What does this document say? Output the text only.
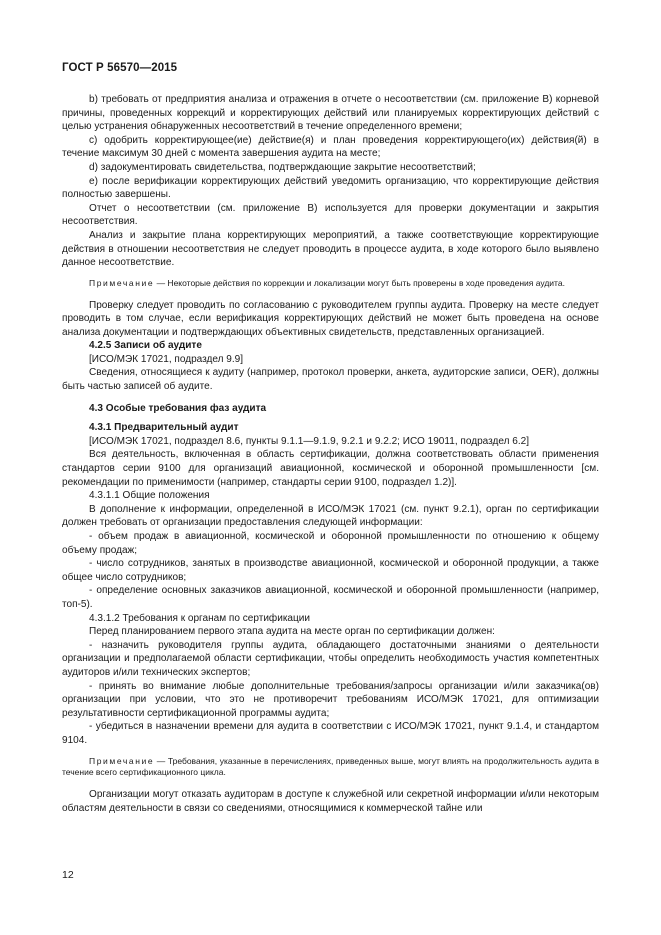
ГОСТ Р 56570—2015

b) требовать от предприятия анализа и отражения в отчете о несоответствии (см. приложение В) корневой причины, проведенных коррекций и корректирующих действий или планируемых корректирующих действий с целью устранения обнаруженных несоответствий в течение определенного времени;

c) одобрить корректирующее(ие) действие(я) и план проведения корректирующего(их) действия(й) в течение максимум 30 дней с момента завершения аудита на месте;

d) задокументировать свидетельства, подтверждающие закрытие несоответствий;

e) после верификации корректирующих действий уведомить организацию, что корректирующие действия полностью завершены.

Отчет о несоответствии (см. приложение В) используется для проверки документации и закрытия несоответствия.

Анализ и закрытие плана корректирующих мероприятий, а также соответствующие корректирующие действия в отношении несоответствия не следует проводить в процессе аудита, в ходе которого было выявлено данное несоответствие.

Примечание — Некоторые действия по коррекции и локализации могут быть проверены в ходе проведения аудита.

Проверку следует проводить по согласованию с руководителем группы аудита. Проверку на месте следует проводить в том случае, если верификация корректирующих действий не может быть проведена на основе анализа документации и подтверждающих объективных свидетельств, представленных организацией.

4.2.5 Записи об аудите

[ИСО/МЭК 17021, подраздел 9.9]

Сведения, относящиеся к аудиту (например, протокол проверки, анкета, аудиторские записи, OER), должны быть частью записей об аудите.

4.3 Особые требования фаз аудита

4.3.1 Предварительный аудит

[ИСО/МЭК 17021, подраздел 8.6, пункты 9.1.1—9.1.9, 9.2.1 и 9.2.2; ИСО 19011, подраздел 6.2]

Вся деятельность, включенная в область сертификации, должна соответствовать области применения стандартов серии 9100 для организаций авиационной, космической и оборонной промышленности [см. рекомендации по применимости (например, стандарты серии 9100, подраздел 1.2)].

4.3.1.1 Общие положения

В дополнение к информации, определенной в ИСО/МЭК 17021 (см. пункт 9.2.1), орган по сертификации должен требовать от организации предоставления следующей информации:

- объем продаж в авиационной, космической и оборонной промышленности по отношению к общему объему продаж;

- число сотрудников, занятых в производстве авиационной, космической и оборонной продукции, а также общее число сотрудников;

- определение основных заказчиков авиационной, космической и оборонной промышленности (например, топ-5).

4.3.1.2 Требования к органам по сертификации

Перед планированием первого этапа аудита на месте орган по сертификации должен:

- назначить руководителя группы аудита, обладающего достаточными знаниями о деятельности организации и предполагаемой области сертификации, чтобы определить необходимость участия компетентных аудиторов и/или технических экспертов;

- принять во внимание любые дополнительные требования/запросы организации и/или заказчика(ов) организации при условии, что это не противоречит требованиям ИСО/МЭК 17021, для оптимизации результативности сертификационной программы аудита;

- убедиться в назначении времени для аудита в соответствии с ИСО/МЭК 17021, пункт 9.1.4, и стандартом 9104.

Примечание — Требования, указанные в перечислениях, приведенных выше, могут влиять на продолжительность аудита в течение всего сертификационного цикла.

Организации могут отказать аудиторам в доступе к служебной или секретной информации и/или некоторым областям деятельности в связи со сведениями, относящимися к коммерческой тайне или

12
